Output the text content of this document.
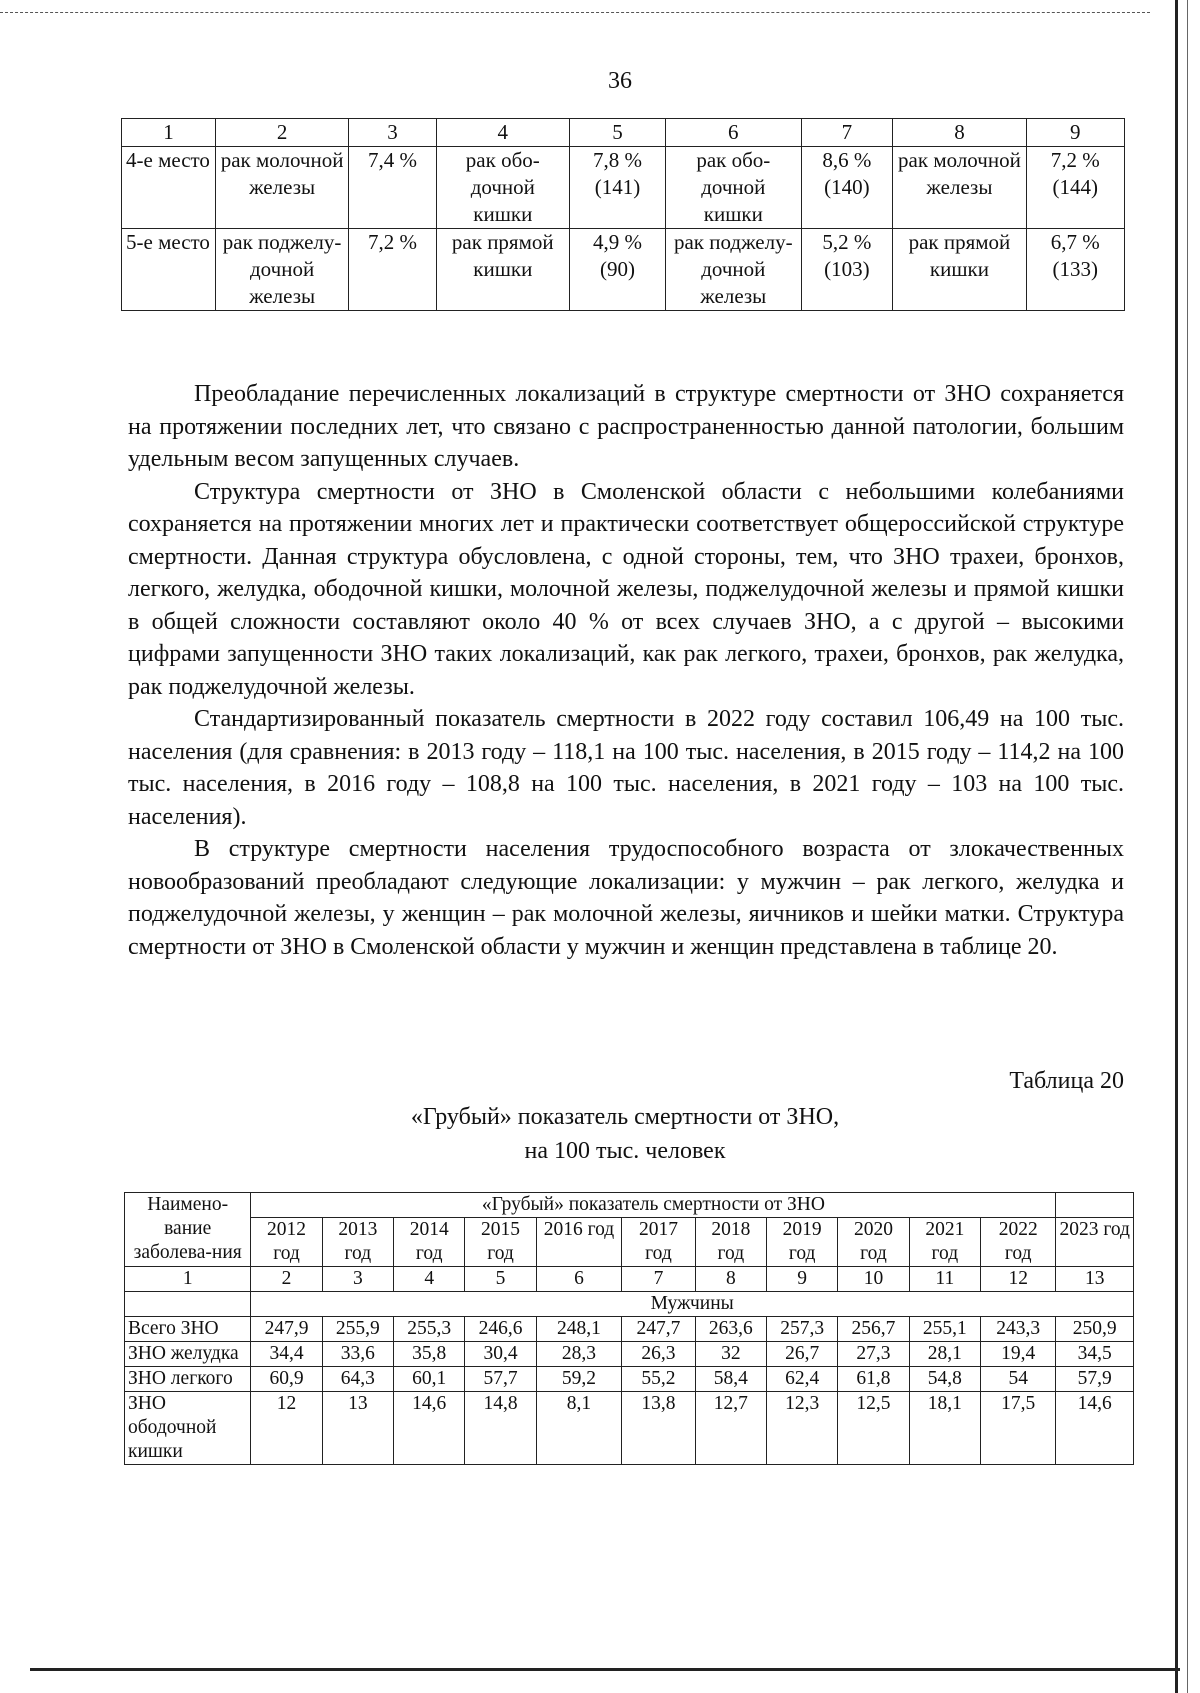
36
1	2	3	4	5	6	7	8	9
4-е место	рак молочной железы	7,4 %	рак обо-дочной кишки	7,8 % (141)	рак обо-дочной кишки	8,6 % (140)	рак молочной железы	7,2 % (144)
5-е место	рак поджелу-дочной железы	7,2 %	рак прямой кишки	4,9 % (90)	рак поджелу-дочной железы	5,2 % (103)	рак прямой кишки	6,7 % (133)

Преобладание перечисленных локализаций в структуре смертности от ЗНО сохраняется на протяжении последних лет, что связано с распространенностью данной патологии, большим удельным весом запущенных случаев.

Структура смертности от ЗНО в Смоленской области с небольшими колебаниями сохраняется на протяжении многих лет и практически соответствует общероссийской структуре смертности. Данная структура обусловлена, с одной стороны, тем, что ЗНО трахеи, бронхов, легкого, желудка, ободочной кишки, молочной железы, поджелудочной железы и прямой кишки в общей сложности составляют около 40 % от всех случаев ЗНО, а с другой – высокими цифрами запущенности ЗНО таких локализаций, как рак легкого, трахеи, бронхов, рак желудка, рак поджелудочной железы.

Стандартизированный показатель смертности в 2022 году составил 106,49 на 100 тыс. населения (для сравнения: в 2013 году – 118,1 на 100 тыс. населения, в 2015 году – 114,2 на 100 тыс. населения, в 2016 году – 108,8 на 100 тыс. населения, в 2021 году – 103 на 100 тыс. населения).

В структуре смертности населения трудоспособного возраста от злокачественных новообразований преобладают следующие локализации: у мужчин – рак легкого, желудка и поджелудочной железы, у женщин – рак молочной железы, яичников и шейки матки. Структура смертности от ЗНО в Смоленской области у мужчин и женщин представлена в таблице 20.

Таблица 20
«Грубый» показатель смертности от ЗНО,
на 100 тыс. человек
Наимено-вание заболева-ния	«Грубый» показатель смертности от ЗНО											
	2012 год	2013 год	2014 год	2015 год	2016 год	2017 год	2018 год	2019 год	2020 год	2021 год	2022 год	2023 год
1	2	3	4	5	6	7	8	9	10	11	12	13
	Мужчины											
Всего ЗНО	247,9	255,9	255,3	246,6	248,1	247,7	263,6	257,3	256,7	255,1	243,3	250,9
ЗНО желудка	34,4	33,6	35,8	30,4	28,3	26,3	32	26,7	27,3	28,1	19,4	34,5
ЗНО легкого	60,9	64,3	60,1	57,7	59,2	55,2	58,4	62,4	61,8	54,8	54	57,9
ЗНО ободочной кишки	12	13	14,6	14,8	8,1	13,8	12,7	12,3	12,5	18,1	17,5	14,6
